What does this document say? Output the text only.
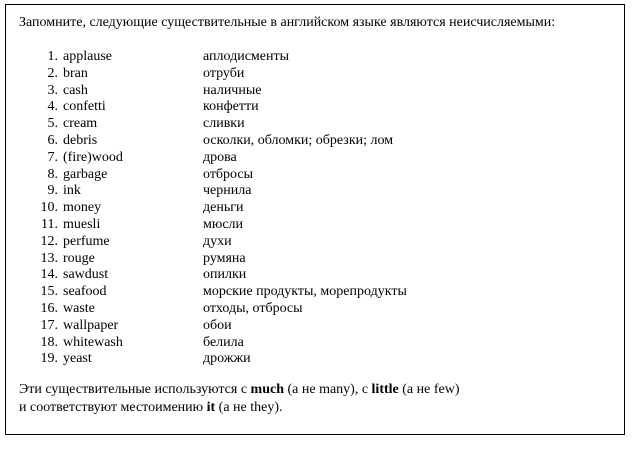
Запомните, следующие существительные в английском языке являются неисчисляемыми:
1. applause	аплодисменты
2. bran	отруби
3. cash	наличные
4. confetti	конфетти
5. cream	сливки
6. debris	осколки, обломки; обрезки; лом
7. (fire)wood	дрова
8. garbage	отбросы
9. ink	чернила
10. money	деньги
11. muesli	мюсли
12. perfume	духи
13. rouge	румяна
14. sawdust	опилки
15. seafood	морские продукты, морепродукты
16. waste	отходы, отбросы
17. wallpaper	обои
18. whitewash	белила
19. yeast	дрожжи
Эти существительные используются с much (а не many), с little (а не few)
и соответствуют местоимению it (а не they).
